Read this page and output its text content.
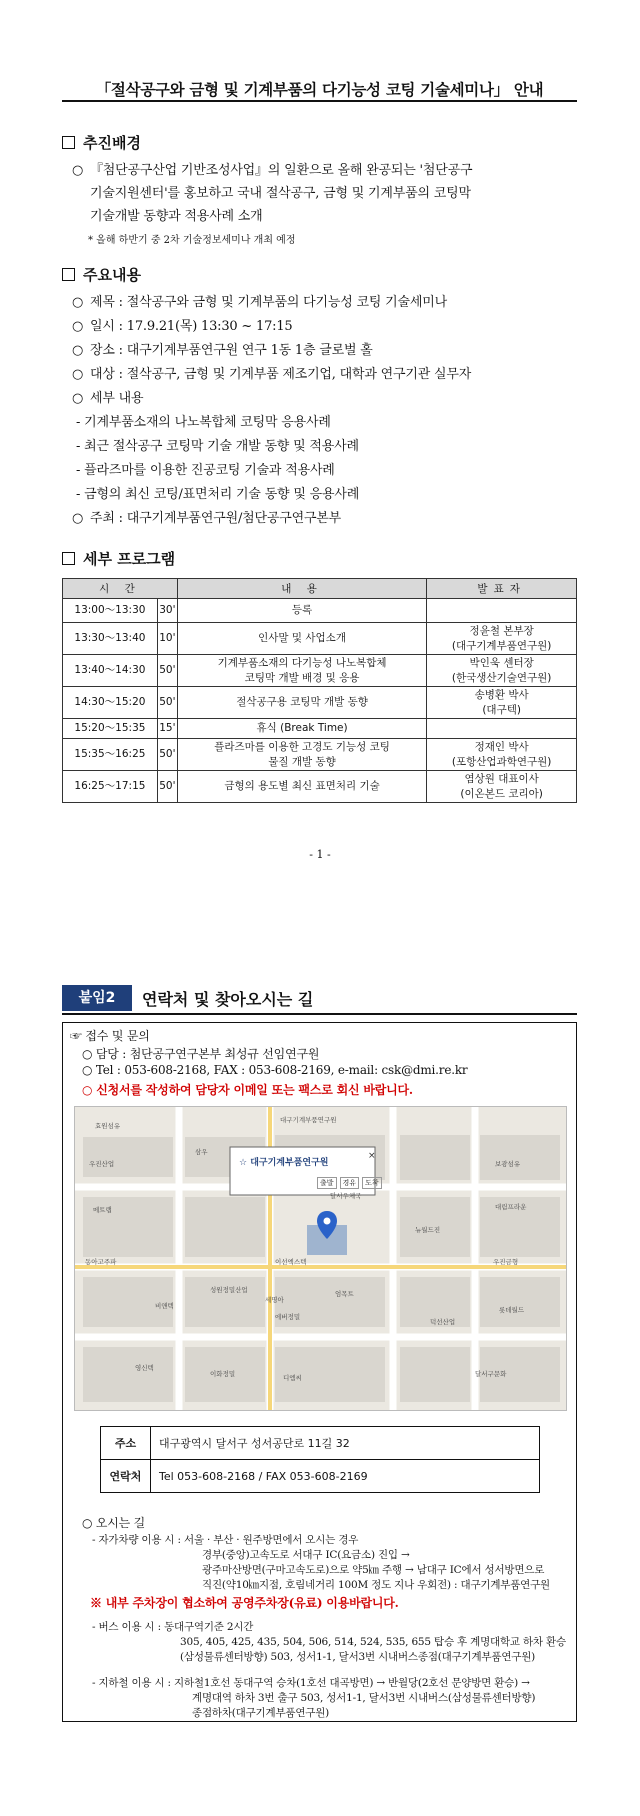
「절삭공구와 금형 및 기계부품의 다기능성 코팅 기술세미나」 안내
추진배경
○ 『첨단공구산업 기반조성사업』의 일환으로 올해 완공되는 '첨단공구
기술지원센터'를 홍보하고 국내 절삭공구, 금형 및 기계부품의 코팅막
기술개발 동향과 적용사례 소개
* 올해 하반기 중 2차 기술정보세미나 개최 예정
주요내용
○ 제목 : 절삭공구와 금형 및 기계부품의 다기능성 코팅 기술세미나
○ 일시 : 17.9.21(목) 13:30 ~ 17:15
○ 장소 : 대구기계부품연구원 연구 1동 1층 글로벌 홀
○ 대상 : 절삭공구, 금형 및 기계부품 제조기업, 대학과 연구기관 실무자
○ 세부 내용
- 기계부품소재의 나노복합체 코팅막 응용사례
- 최근 절삭공구 코팅막 기술 개발 동향 및 적용사례
- 플라즈마를 이용한 진공코팅 기술과 적용사례
- 금형의 최신 코팅/표면처리 기술 동향 및 응용사례
○ 주최 : 대구기계부품연구원/첨단공구연구본부
세부 프로그램
시 간		내 용	발표자
13:00～13:30	30'	등록	
13:30～13:40	10'	인사말 및 사업소개	정윤철 본부장
(대구기계부품연구원)
13:40～14:30	50'	기계부품소재의 다기능성 나노복합체
코팅막 개발 배경 및 응용	박인욱 센터장
(한국생산기술연구원)
14:30～15:20	50'	절삭공구용 코팅막 개발 동향	송병환 박사
(대구텍)
15:20～15:35	15'	휴식 (Break Time)	
15:35～16:25	50'	플라즈마를 이용한 고경도 기능성 코팅
물질 개발 동향	정재인 박사
(포항산업과학연구원)
16:25～17:15	50'	금형의 용도별 최신 표면처리 기술	염상원 대표이사
(이온본드 코리아)
- 1 -
붙임2	연락처 및 찾아오시는 길
☞ 접수 및 문의
○ 담당 : 첨단공구연구본부 최성규 선임연구원
○ Tel : 053-608-2168, FAX : 053-608-2169, e-mail: csk@dmi.re.kr
○ 신청서를 작성하여 담당자 이메일 또는 팩스로 회신 바랍니다.
×
☆ 대구기계부품연구원
출발	경유	도착
효원섬유
대구기계부품연구원
달서우체국
우진산업
메트랩
보광섬유
대림프라운
삼우
동아고주파
뉴월드진
이선엑스텍
엄목트
우진금형
성원정밀산업
세명아
비앤텍
에버정밀
롯데월드
영신텍
덕선산업
이화정밀	디엠씨	달서구문화
주소	대구광역시 달서구 성서공단로 11길 32
연락처	Tel 053-608-2168 / FAX 053-608-2169
○ 오시는 길
- 자가차량 이용 시 : 서울 · 부산 · 원주방면에서 오시는 경우
경부(중앙)고속도로 서대구 IC(요금소) 진입 →
광주마산방면(구마고속도로)으로 약5㎞ 주행 → 남대구 IC에서 성서방면으로
직진(약10㎞지점, 호림네거리 100M 정도 지나 우회전) : 대구기계부품연구원
※ 내부 주차장이 협소하여 공영주차장(유료) 이용바랍니다.
- 버스 이용 시 : 동대구역기준 2시간
305, 405, 425, 435, 504, 506, 514, 524, 535, 655 탑승 후 계명대학교 하차 환승
(삼성물류센터방향) 503, 성서1-1, 달서3번 시내버스종점(대구기계부품연구원)
- 지하철 이용 시 : 지하철1호선 동대구역 승차(1호선 대곡방면) → 반월당(2호선 문양방면 환승) →
계명대역 하차 3번 출구 503, 성서1-1, 달서3번 시내버스(삼성물류센터방향)
종점하차(대구기계부품연구원)
